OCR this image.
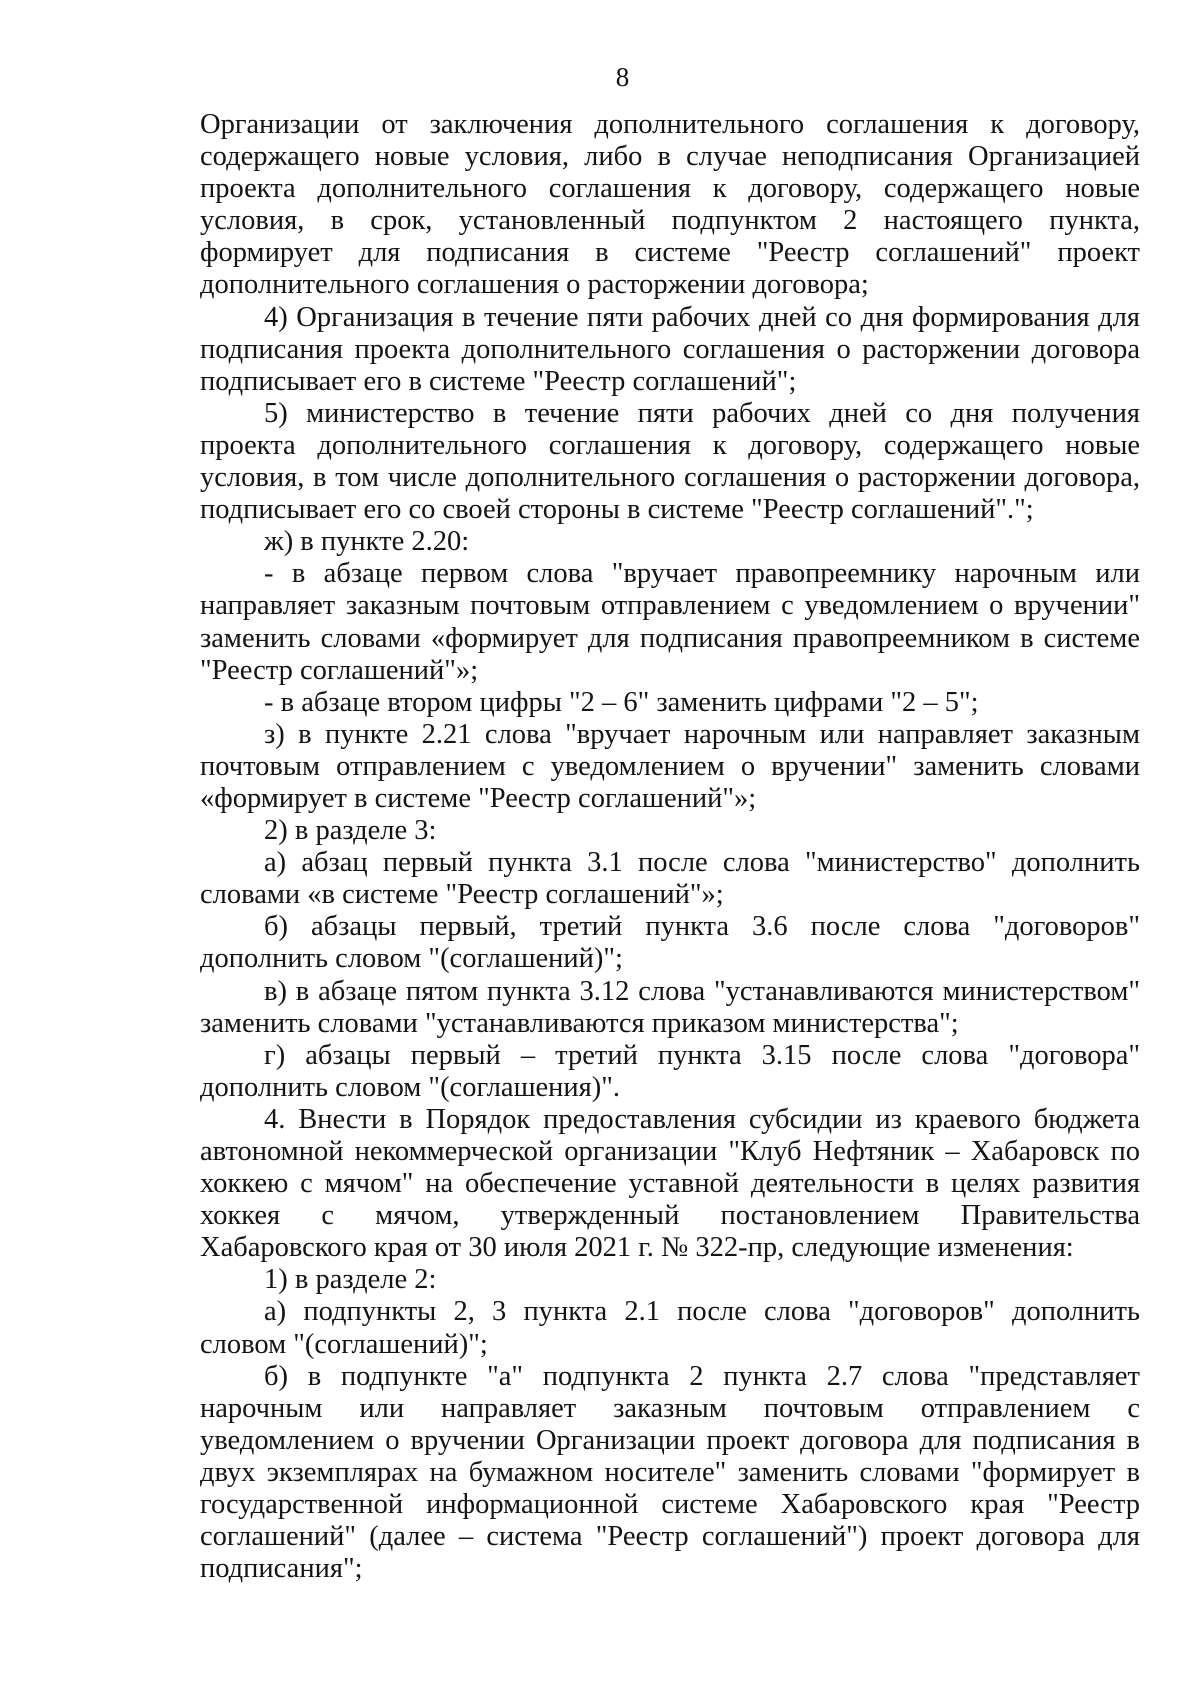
8

Организации от заключения дополнительного соглашения к договору, содержащего новые условия, либо в случае неподписания Организацией проекта дополнительного соглашения к договору, содержащего новые условия, в срок, установленный подпунктом 2 настоящего пункта, формирует для подписания в системе "Реестр соглашений" проект дополнительного соглашения о расторжении договора;

4) Организация в течение пяти рабочих дней со дня формирования для подписания проекта дополнительного соглашения о расторжении договора подписывает его в системе "Реестр соглашений";

5) министерство в течение пяти рабочих дней со дня получения проекта дополнительного соглашения к договору, содержащего новые условия, в том числе дополнительного соглашения о расторжении договора, подписывает его со своей стороны в системе "Реестр соглашений".";

ж) в пункте 2.20:

- в абзаце первом слова "вручает правопреемнику нарочным или направляет заказным почтовым отправлением с уведомлением о вручении" заменить словами «формирует для подписания правопреемником в системе "Реестр соглашений"»;

- в абзаце втором цифры "2 – 6" заменить цифрами "2 – 5";

з) в пункте 2.21 слова "вручает нарочным или направляет заказным почтовым отправлением с уведомлением о вручении" заменить словами «формирует в системе "Реестр соглашений"»;

2) в разделе 3:

а) абзац первый пункта 3.1 после слова "министерство" дополнить словами «в системе "Реестр соглашений"»;

б) абзацы первый, третий пункта 3.6 после слова "договоров" дополнить словом "(соглашений)";

в) в абзаце пятом пункта 3.12 слова "устанавливаются министерством" заменить словами "устанавливаются приказом министерства";

г) абзацы первый – третий пункта 3.15 после слова "договора" дополнить словом "(соглашения)".

4. Внести в Порядок предоставления субсидии из краевого бюджета автономной некоммерческой организации "Клуб Нефтяник – Хабаровск по хоккею с мячом" на обеспечение уставной деятельности в целях развития хоккея с мячом, утвержденный постановлением Правительства Хабаровского края от 30 июля 2021 г. № 322-пр, следующие изменения:

1) в разделе 2:

а) подпункты 2, 3 пункта 2.1 после слова "договоров" дополнить словом "(соглашений)";

б) в подпункте "а" подпункта 2 пункта 2.7 слова "представляет нарочным или направляет заказным почтовым отправлением с уведомлением о вручении Организации проект договора для подписания в двух экземплярах на бумажном носителе" заменить словами "формирует в государственной информационной системе Хабаровского края "Реестр соглашений" (далее – система "Реестр соглашений") проект договора для подписания";
